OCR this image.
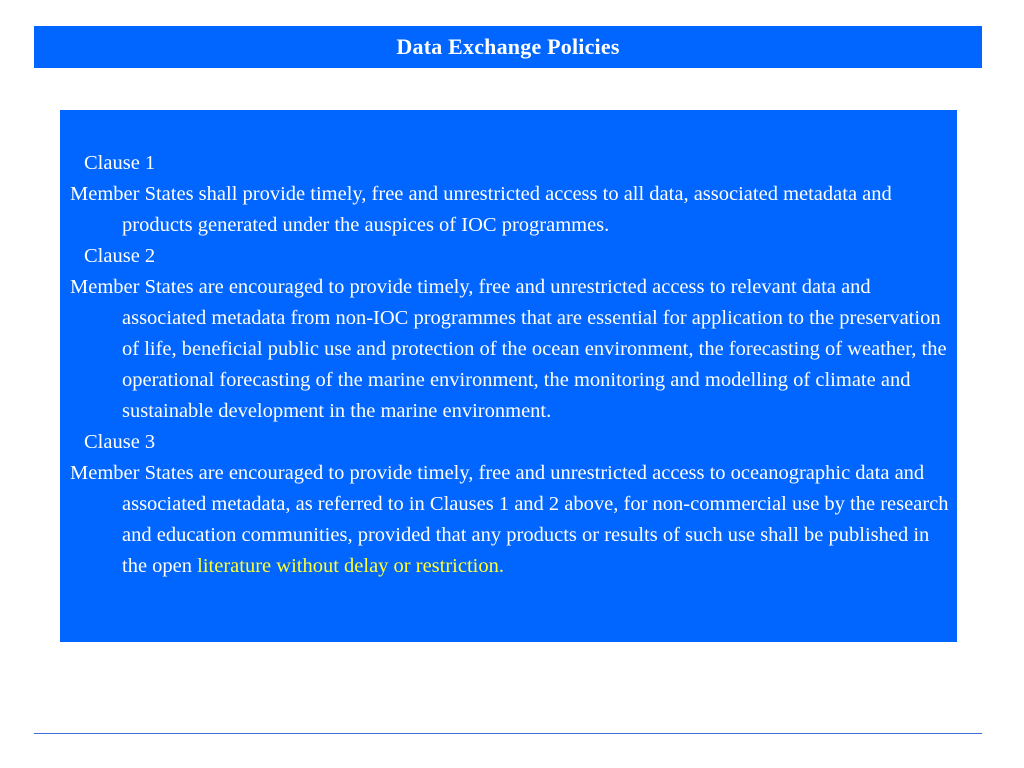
Data Exchange Policies

Clause 1

Member States shall provide timely, free and unrestricted access to all data, associated metadata and products generated under the auspices of IOC programmes.

Clause 2

Member States are encouraged to provide timely, free and unrestricted access to relevant data and associated metadata from non-IOC programmes that are essential for application to the preservation of life, beneficial public use and protection of the ocean environment, the forecasting of weather, the operational forecasting of the marine environment, the monitoring and modelling of climate and sustainable development in the marine environment.

Clause 3

Member States are encouraged to provide timely, free and unrestricted access to oceanographic data and associated metadata, as referred to in Clauses 1 and 2 above, for non-commercial use by the research and education communities, provided that any products or results of such use shall be published in the open literature without delay or restriction.
